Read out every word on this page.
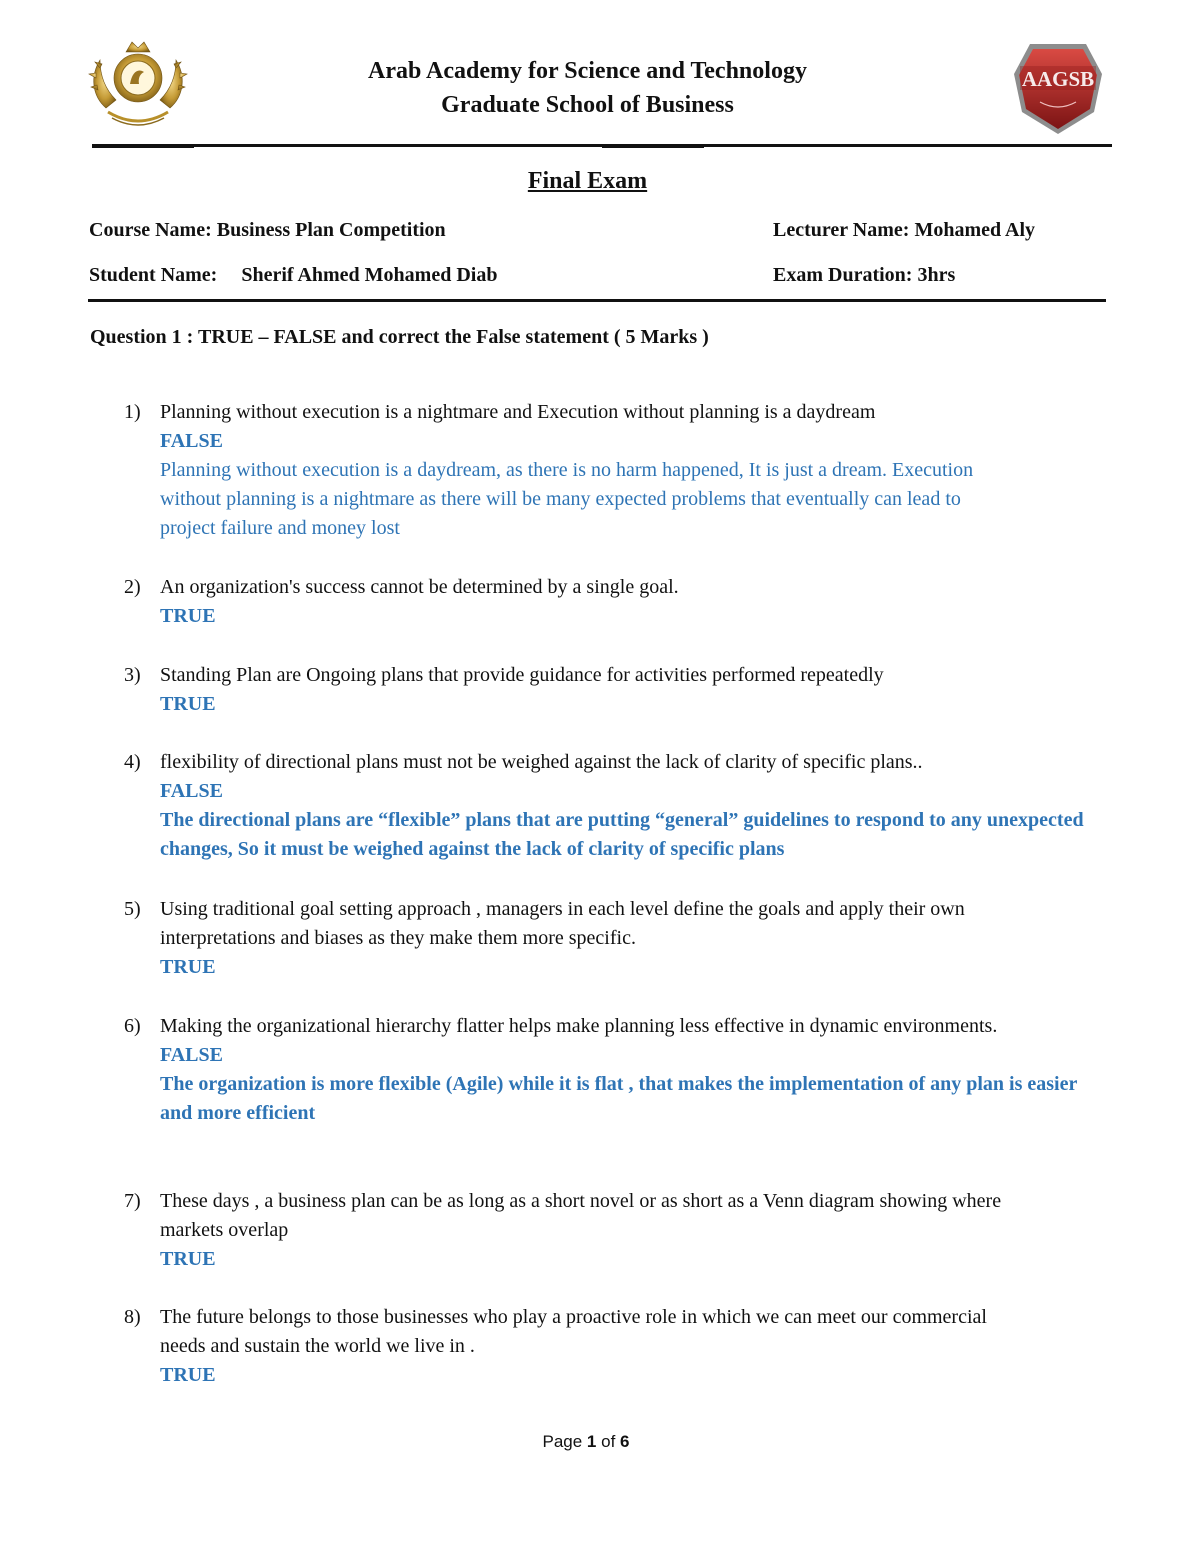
AAGSB
Arab Academy for Science and Technology
Graduate School of Business
Final Exam
Course Name: Business Plan Competition	Lecturer Name: Mohamed Aly
Student Name: Sherif Ahmed Mohamed Diab	Exam Duration: 3hrs
Question 1 : TRUE – FALSE and correct the False statement ( 5 Marks )
1) Planning without execution is a nightmare and Execution without planning is a daydream
FALSE
Planning without execution is a daydream, as there is no harm happened, It is just a dream. Execution without planning is a nightmare as there will be many expected problems that eventually can lead to project failure and money lost
2) An organization's success cannot be determined by a single goal.
TRUE
3) Standing Plan are Ongoing plans that provide guidance for activities performed repeatedly
TRUE
4) flexibility of directional plans must not be weighed against the lack of clarity of specific plans..
FALSE
The directional plans are “flexible” plans that are putting “general” guidelines to respond to any unexpected changes, So it must be weighed against the lack of clarity of specific plans
5) Using traditional goal setting approach , managers in each level define the goals and apply their own interpretations and biases as they make them more specific.
TRUE
6) Making the organizational hierarchy flatter helps make planning less effective in dynamic environments.
FALSE
The organization is more flexible (Agile) while it is flat , that makes the implementation of any plan is easier and more efficient
7) These days , a business plan can be as long as a short novel or as short as a Venn diagram showing where markets overlap
TRUE
8) The future belongs to those businesses who play a proactive role in which we can meet our commercial needs and sustain the world we live in .
TRUE
Page 1 of 6
